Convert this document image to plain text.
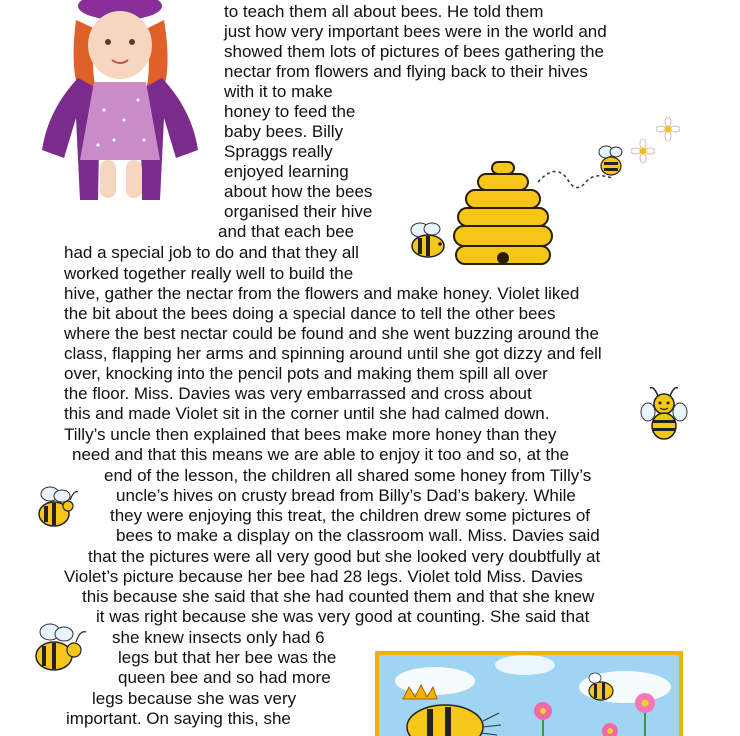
to teach them all about bees. He told them
just how very important bees were in the world and
showed them lots of pictures of bees gathering the
nectar from flowers and flying back to their hives
with it to make
honey to feed the
baby bees. Billy
Spraggs really
enjoyed learning
about how the bees
organised their hive
and that each bee
had a special job to do and that they all
worked together really well to build the
hive, gather the nectar from the flowers and make honey. Violet liked
the bit about the bees doing a special dance to tell the other bees
where the best nectar could be found and she went buzzing around the
class, flapping her arms and spinning around until she got dizzy and fell
over, knocking into the pencil pots and making them spill all over
the floor. Miss. Davies was very embarrassed and cross about
this and made Violet sit in the corner until she had calmed down.
Tilly’s uncle then explained that bees make more honey than they
need and that this means we are able to enjoy it too and so, at the
end of the lesson, the children all shared some honey from Tilly’s
uncle’s hives on crusty bread from Billy’s Dad’s bakery. While
they were enjoying this treat, the children drew some pictures of
bees to make a display on the classroom wall. Miss. Davies said
that the pictures were all very good but she looked very doubtfully at
Violet’s picture because her bee had 28 legs. Violet told Miss. Davies
this because she said that she had counted them and that she knew
it was right because she was very good at counting. She said that
she knew insects only had 6
legs but that her bee was the
queen bee and so had more
legs because she was very
important. On saying this, she
